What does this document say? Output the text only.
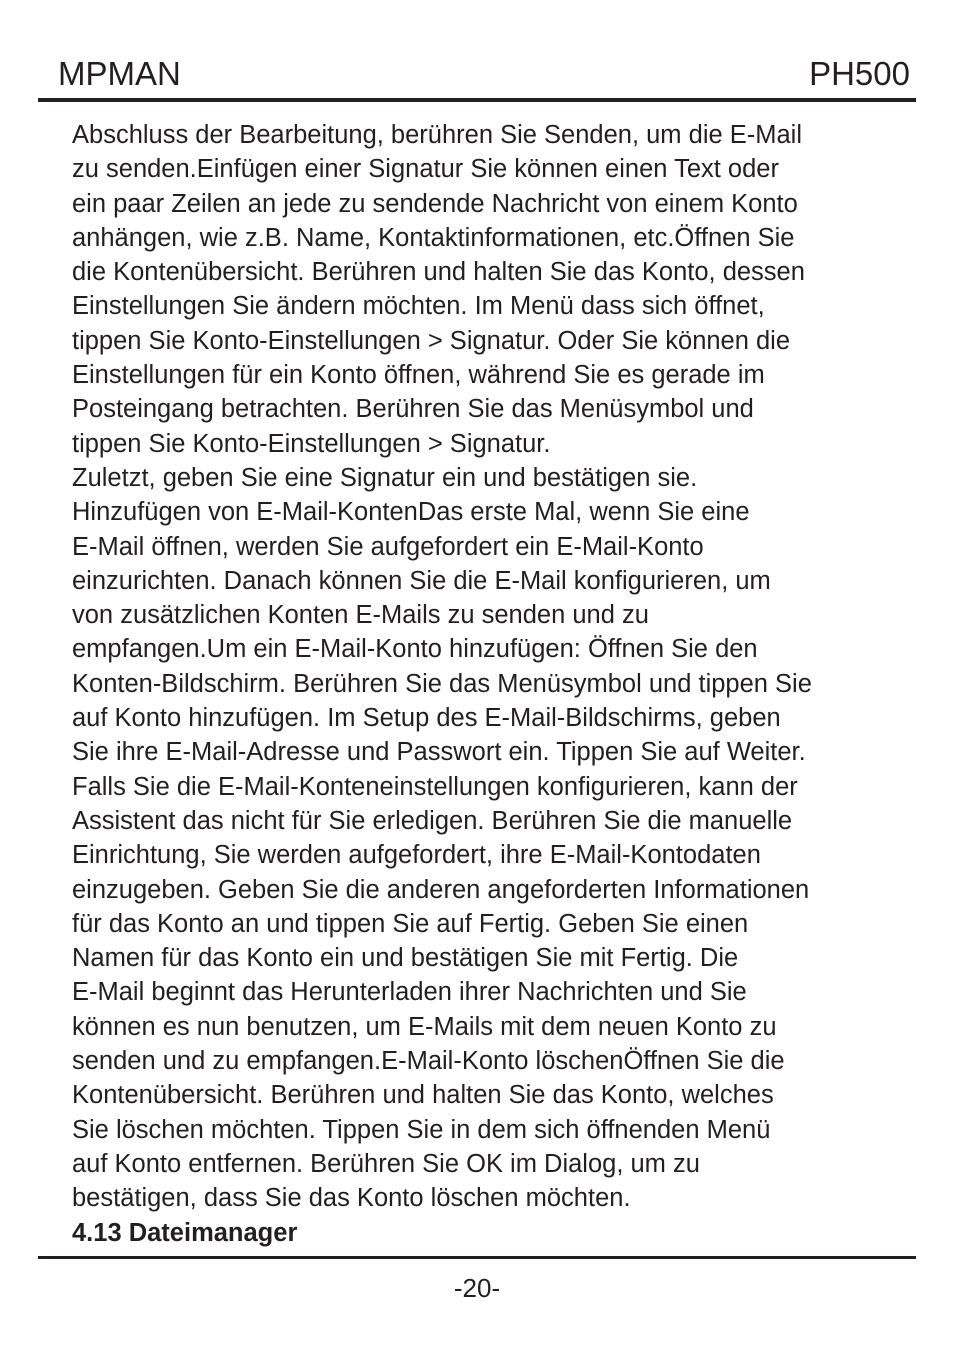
MPMAN	PH500
Abschluss der Bearbeitung, berühren Sie Senden, um die E-Mail
zu senden.Einfügen einer Signatur Sie können einen Text oder
ein paar Zeilen an jede zu sendende Nachricht von einem Konto
anhängen, wie z.B. Name, Kontaktinformationen, etc.Öffnen Sie
die Kontenübersicht. Berühren und halten Sie das Konto, dessen
Einstellungen Sie ändern möchten. Im Menü dass sich öffnet,
tippen Sie Konto-Einstellungen > Signatur. Oder Sie können die
Einstellungen für ein Konto öffnen, während Sie es gerade im
Posteingang betrachten. Berühren Sie das Menüsymbol und
tippen Sie Konto-Einstellungen > Signatur.
Zuletzt, geben Sie eine Signatur ein und bestätigen sie.
Hinzufügen von E-Mail-KontenDas erste Mal, wenn Sie eine
E-Mail öffnen, werden Sie aufgefordert ein E-Mail-Konto
einzurichten. Danach können Sie die E-Mail konfigurieren, um
von zusätzlichen Konten E-Mails zu senden und zu
empfangen.Um ein E-Mail-Konto hinzufügen: Öffnen Sie den
Konten-Bildschirm. Berühren Sie das Menüsymbol und tippen Sie
auf Konto hinzufügen. Im Setup des E-Mail-Bildschirms, geben
Sie ihre E-Mail-Adresse und Passwort ein. Tippen Sie auf Weiter.
Falls Sie die E-Mail-Konteneinstellungen konfigurieren, kann der
Assistent das nicht für Sie erledigen. Berühren Sie die manuelle
Einrichtung, Sie werden aufgefordert, ihre E-Mail-Kontodaten
einzugeben. Geben Sie die anderen angeforderten Informationen
für das Konto an und tippen Sie auf Fertig. Geben Sie einen
Namen für das Konto ein und bestätigen Sie mit Fertig. Die
E-Mail beginnt das Herunterladen ihrer Nachrichten und Sie
können es nun benutzen, um E-Mails mit dem neuen Konto zu
senden und zu empfangen.E-Mail-Konto löschenÖffnen Sie die
Kontenübersicht. Berühren und halten Sie das Konto, welches
Sie löschen möchten. Tippen Sie in dem sich öffnenden Menü
auf Konto entfernen. Berühren Sie OK im Dialog, um zu
bestätigen, dass Sie das Konto löschen möchten.
4.13 Dateimanager
-20-
